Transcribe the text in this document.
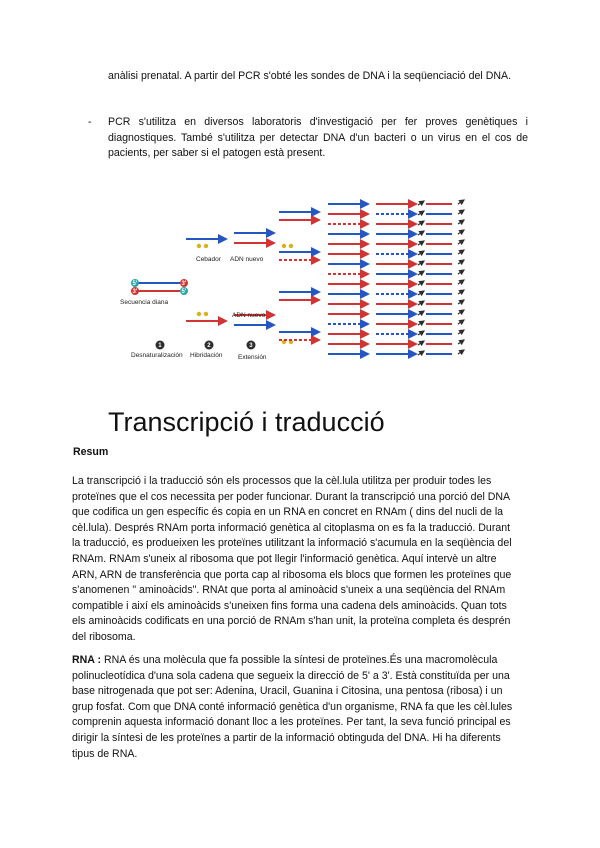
anàlisi prenatal. A partir del PCR s'obté les sondes de DNA i la seqüenciació del DNA.
- PCR s'utilitza en diversos laboratoris d'investigació per fer proves genètiques i diagnostiques. També s'utilitza per detectar DNA d'un bacteri o un virus en el cos de pacients, per saber si el patogen està present.
5'
3'
3'
5'
Secuencia diana
Cebador ADN nuevo
ADN nuevo
1
Desnaturalización
2
Hibridación
3
Extensión
Transcripció i traducció
Resum
La transcripció i la traducció són els processos que la cèl.lula utilitza per produir todes les proteïnes que el cos necessita per poder funcionar. Durant la transcripció una porció del DNA que codifica un gen específic és copia en un RNA en concret en RNAm ( dins del nucli de la cèl.lula). Després RNAm porta informació genètica al citoplasma on es fa la traducció. Durant la traducció, es produeixen les proteïnes utilitzant la informació s'acumula en la seqüència del RNAm. RNAm s'uneix al ribosoma que pot llegir l'informació genètica. Aquí intervè un altre ARN, ARN de transferència que porta cap al ribosoma els blocs que formen les proteïnes que s'anomenen " aminoàcids". RNAt que porta al aminoàcid s'uneix a una seqüència del RNAm compatible i així els aminoàcids s'uneixen fins forma una cadena dels aminoàcids. Quan tots els aminoàcids codificats en una porció de RNAm s'han unit, la proteïna completa és desprén del ribosoma.
RNA : RNA és una molècula que fa possible la síntesi de proteïnes.És una macromolècula polinucleotídica d'una sola cadena que segueix la direcció de 5' a 3'. Està constituïda per una base nitrogenada que pot ser: Adenina, Uracil, Guanina i Citosina, una pentosa (ribosa) i un grup fosfat. Com que DNA conté informació genètica d'un organisme, RNA fa que les cèl.lules comprenin aquesta informació donant lloc a les proteïnes. Per tant, la seva funció principal es dirigir la síntesi de les proteïnes a partir de la informació obtinguda del DNA. Hi ha diferents tipus de RNA.
